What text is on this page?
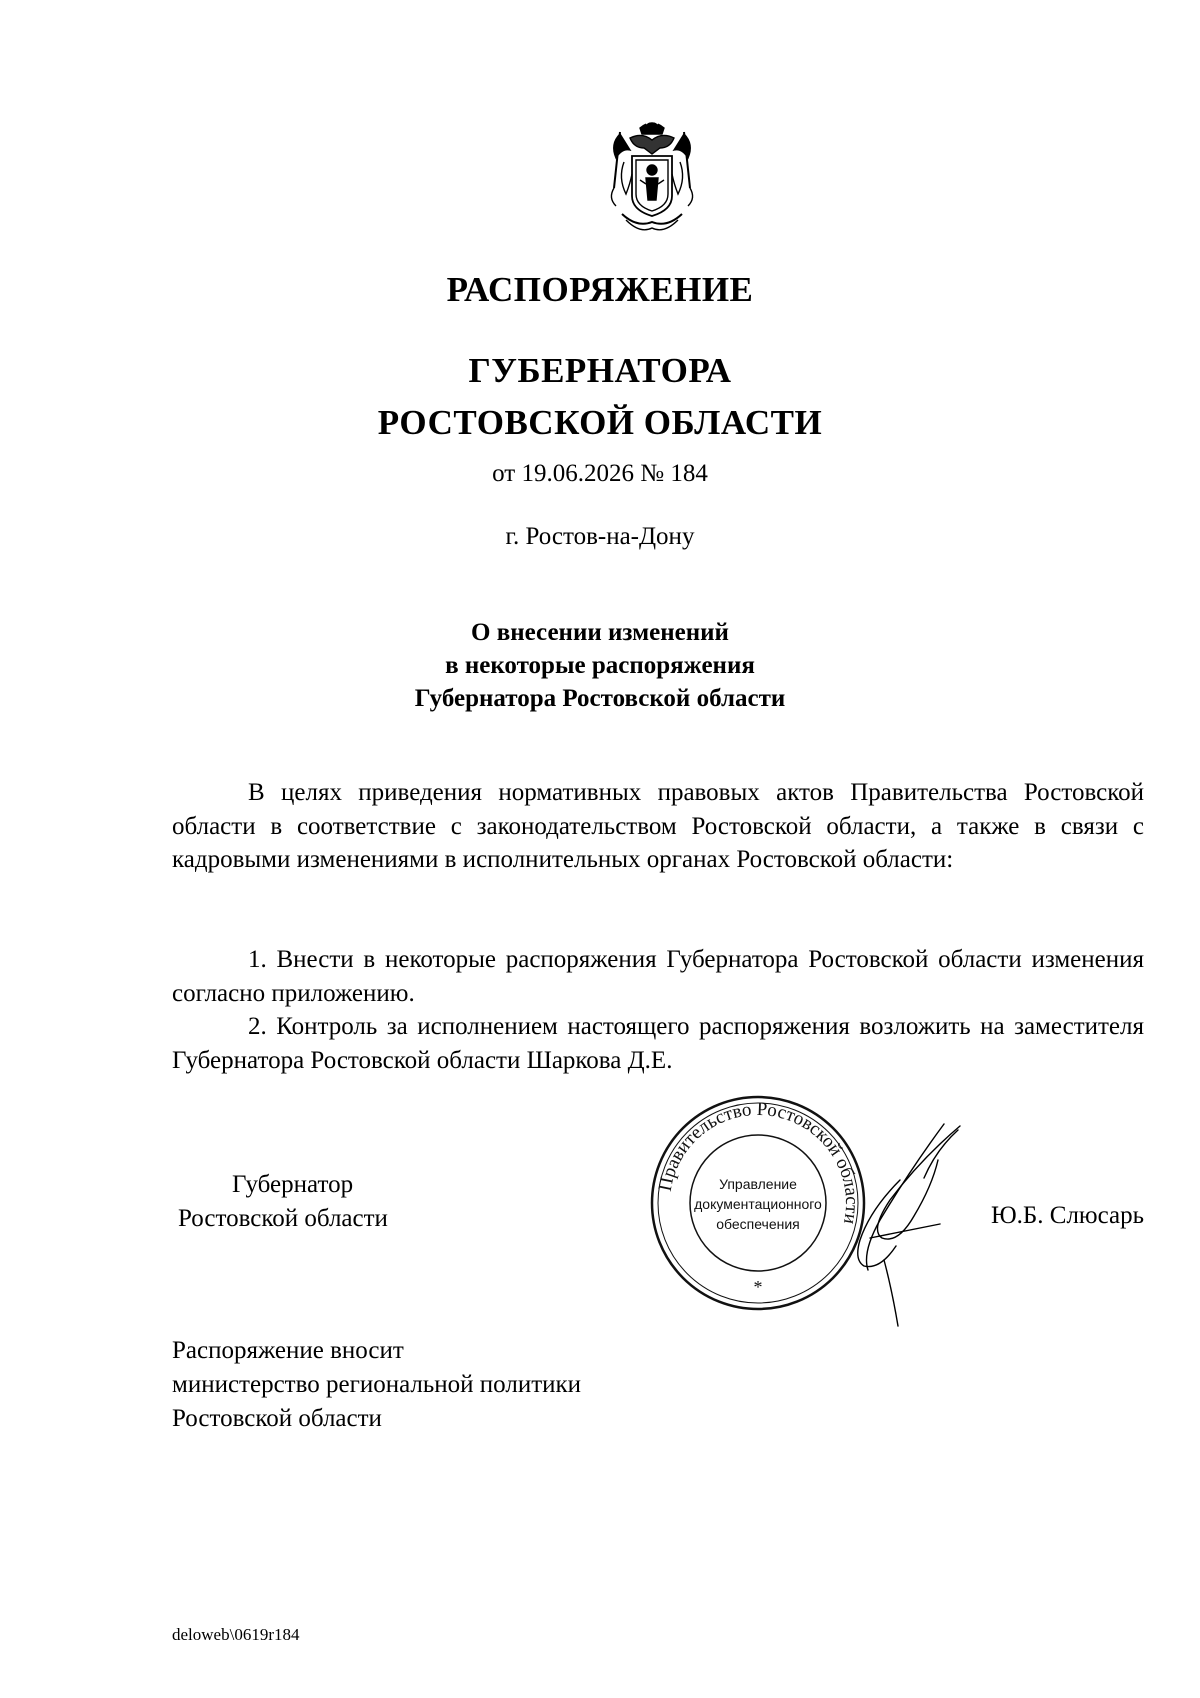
РАСПОРЯЖЕНИЕ
ГУБЕРНАТОРА
РОСТОВСКОЙ ОБЛАСТИ
от 19.06.2026 № 184
г. Ростов-на-Дону
О внесении изменений
в некоторые распоряжения
Губернатора Ростовской области

В целях приведения нормативных правовых актов Правительства Ростовской области в соответствие с законодательством Ростовской области, а также в связи с кадровыми изменениями в исполнительных органах Ростовской области:

1. Внести в некоторые распоряжения Губернатора Ростовской области изменения согласно приложению.

2. Контроль за исполнением настоящего распоряжения возложить на заместителя Губернатора Ростовской области Шаркова Д.Е.

Губернатор
Ростовской области
Правительство Ростовской области
Управление
документационного
обеспечения
*
Ю.Б. Слюсарь
Распоряжение вносит
министерство региональной политики
Ростовской области
deloweb\0619r184
